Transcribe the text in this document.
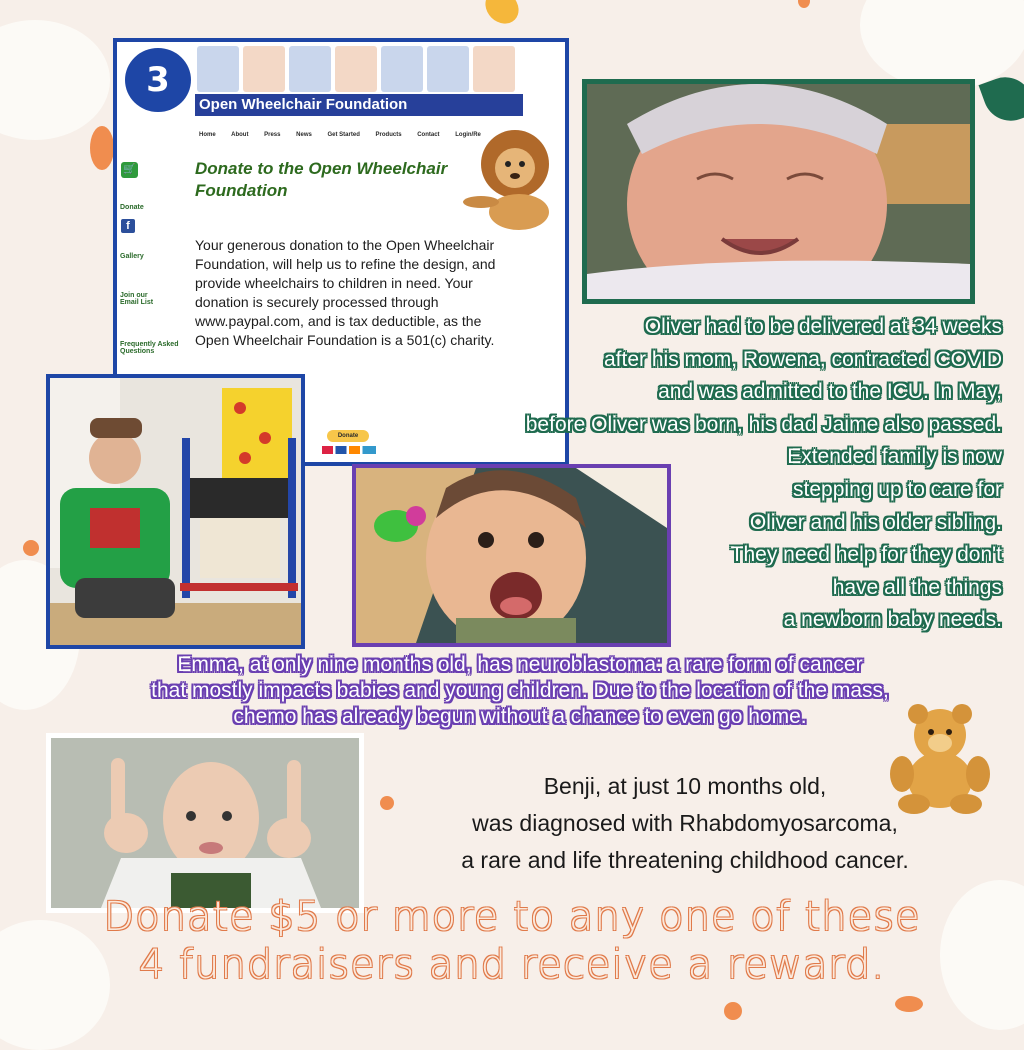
3
Open Wheelchair Foundation
Home	About	Press	News	Get Started	Products	Contact	Login/Re
🛒
Donate
f
Gallery
Join our Email List
Frequently Asked Questions
Donate to the Open Wheelchair Foundation

Your generous donation to the Open Wheelchair Foundation, will help us to refine the design, and provide wheelchairs to children in need. Your donation is securely processed through www.paypal.com, and is tax deductible, as the Open Wheelchair Foundation is a 501(c) charity.

Donate
Oliver had to be delivered at 34 weeks
after his mom, Rowena, contracted COVID
and was admitted to the ICU. In May,
before Oliver was born, his dad Jaime also passed.
Extended family is now
stepping up to care for
Oliver and his older sibling.
They need help for they don't
have all the things
a newborn baby needs.
Emma, at only nine months old, has neuroblastoma: a rare form of cancer
that mostly impacts babies and young children. Due to the location of the mass,
chemo has already begun without a chance to even go home.
Benji, at just 10 months old,
was diagnosed with Rhabdomyosarcoma,
a rare and life threatening childhood cancer.
Donate $5 or more to any one of these
4 fundraisers and receive a reward.
